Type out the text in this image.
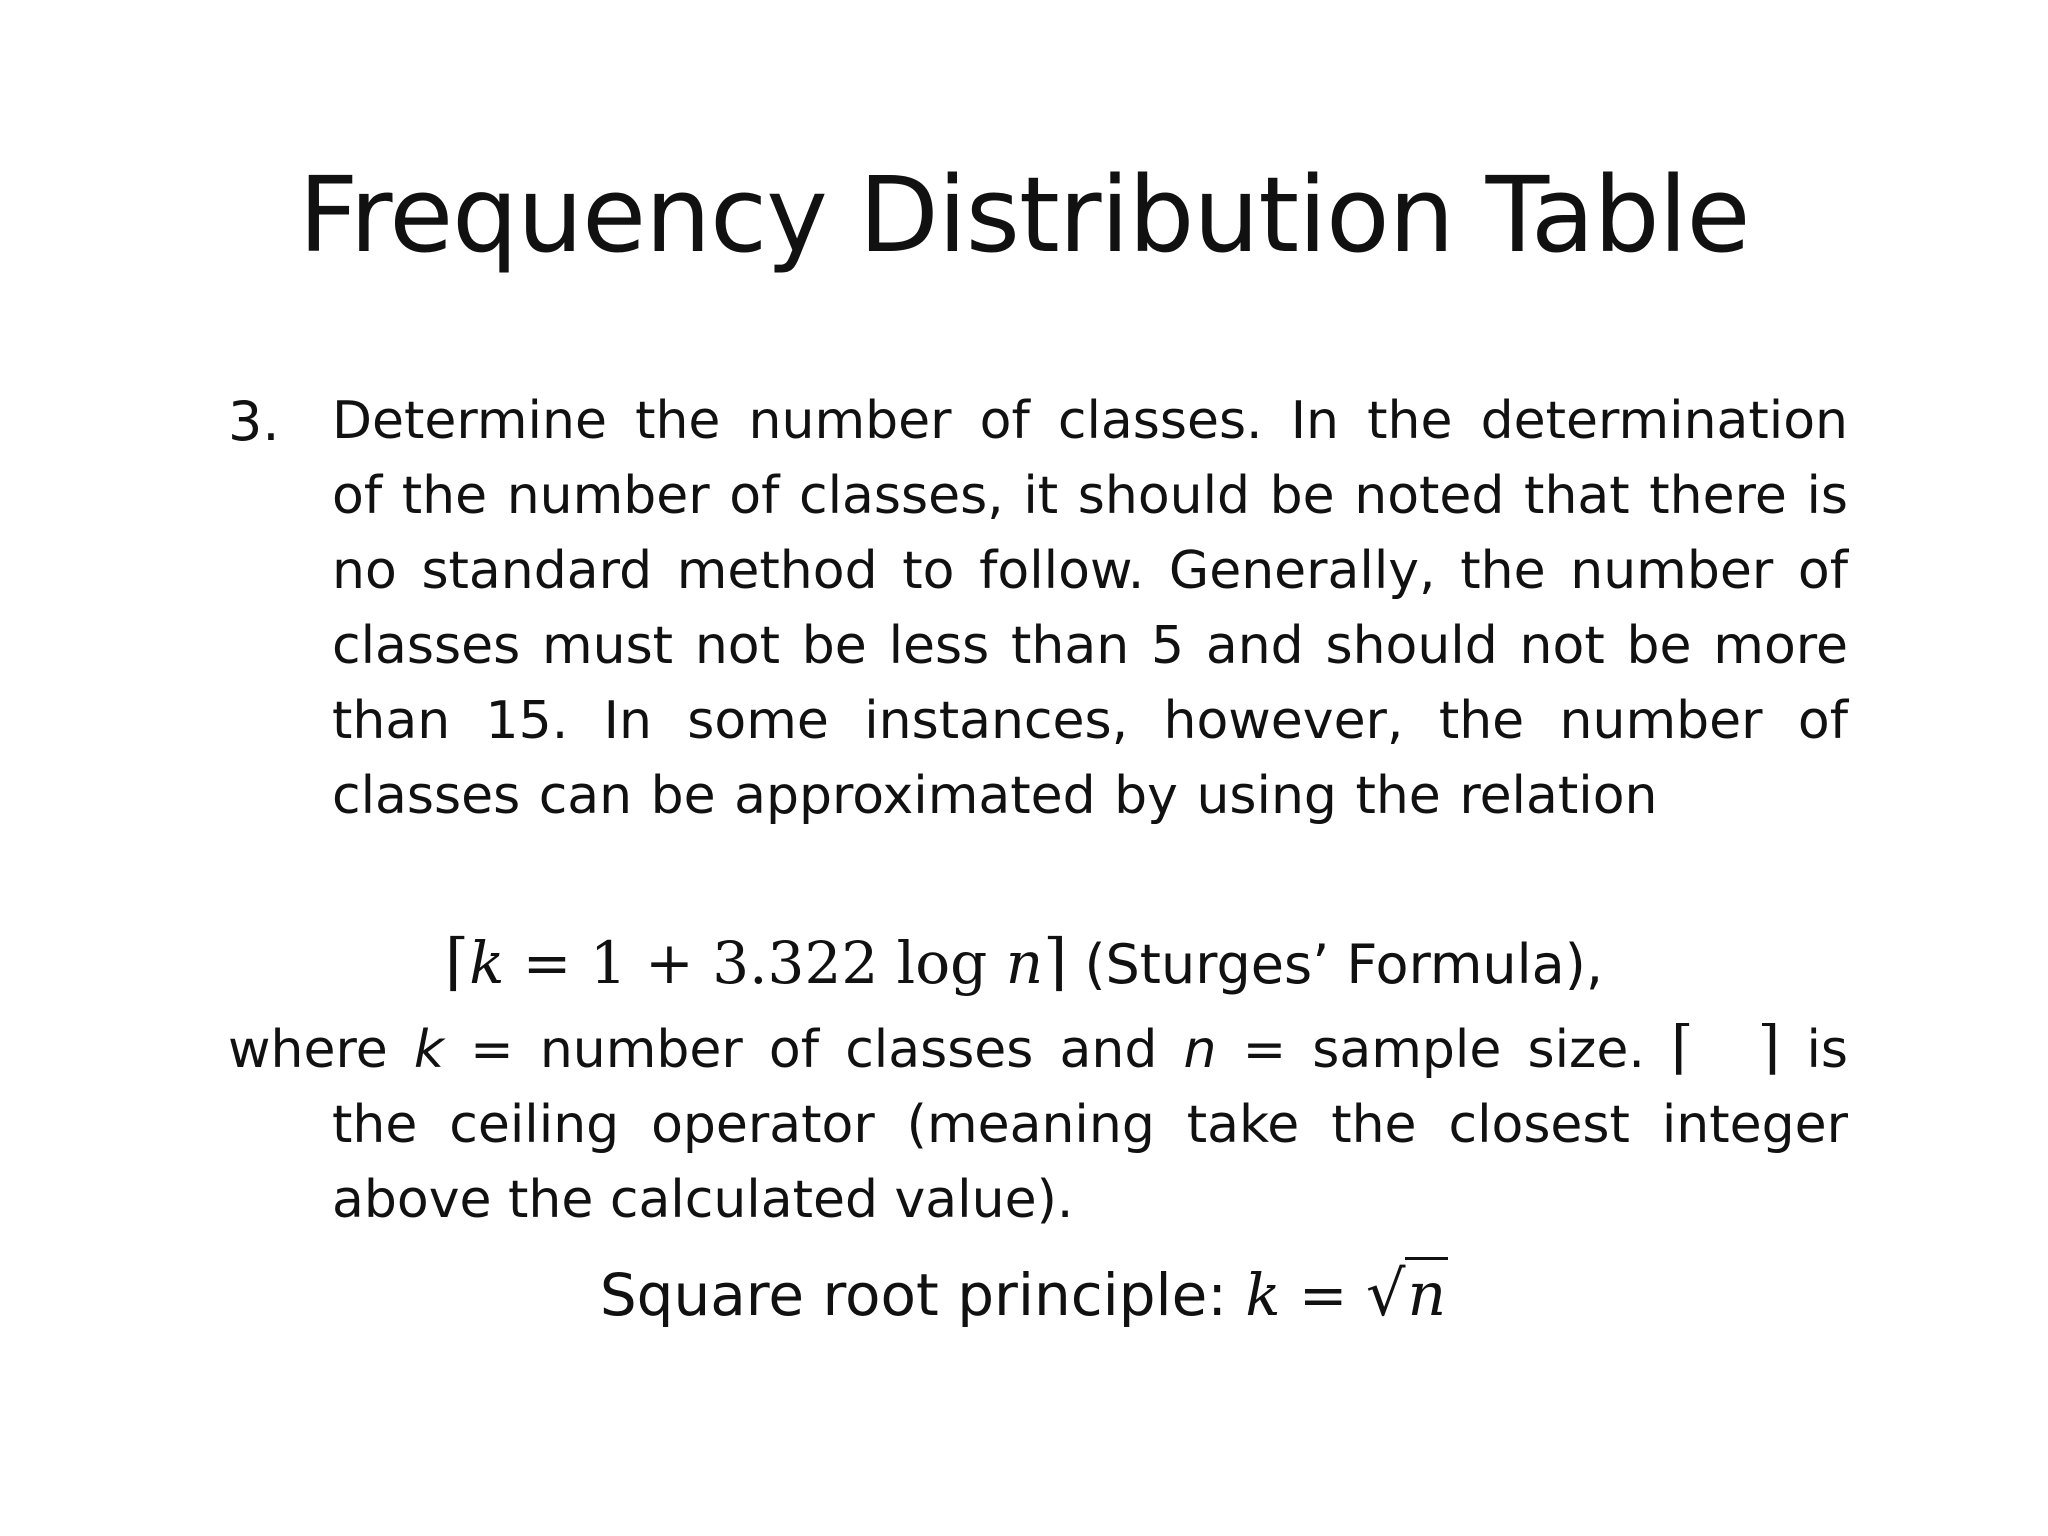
Frequency Distribution Table
3. Determine the number of classes. In the determination of the number of classes, it should be noted that there is no standard method to follow. Generally, the number of classes must not be less than 5 and should not be more than 15. In some instances, however, the number of classes can be approximated by using the relation
⌈k = 1 + 3.322 log n⌉ (Sturges’ Formula),
where k = number of classes and n = sample size. ⌈ ⌉ is
the ceiling operator (meaning take the closest integer above the calculated value).
Square root principle: k = √n
